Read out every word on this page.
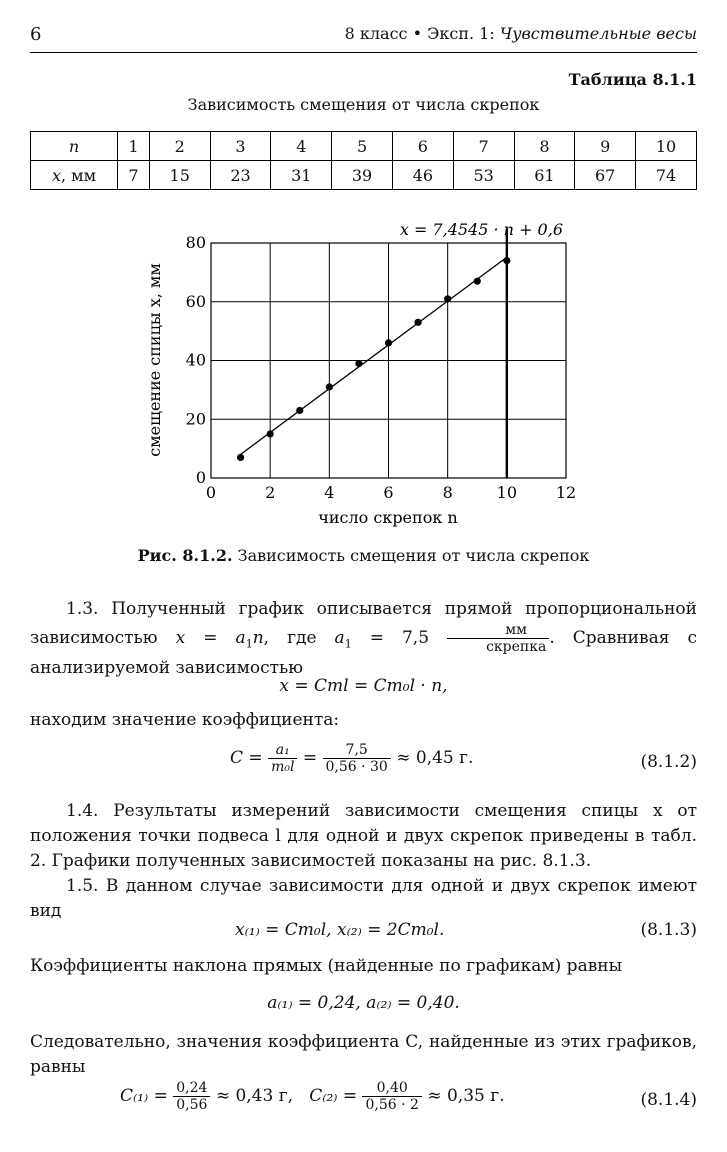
6	8 класс • Эксп. 1: Чувствительные весы
Таблица 8.1.1
Зависимость смещения от числа скрепок
n	1	2	3	4	5	6	7	8	9	10
x, мм	7	15	23	31	39	46	53	61	67	74
0	2	4	6	8	10 12
0
20
40
60
80
x = 7,4545 · n + 0,6
число скрепок n
смещение спицы x, мм
Рис. 8.1.2. Зависимость смещения от числа скрепок
1.3. Полученный график описывается прямой пропорциональной зависимостью $x = a_1n$, где $a_1 = 7,5 \frac{мм}{\text{скрепка}}$ . Сравнивая с анализируемой зависимостью
x = Cml = Cm₀l · n,
находим значение коэффициента:
$C = \frac{\text{a₁}}{\text{m₀l}} = \frac{7,5}{0,56 \cdot 30} \approx 0,45$ г.	(8.1.2)
1.4. Результаты измерений зависимости смещения спицы x от положения точки подвеса l для одной и двух скрепок приведены в табл. 2. Графики полученных зависимостей показаны на рис. 8.1.3.
1.5. В данном случае зависимости для одной и двух скрепок имеют вид
x₍₁₎ = Cm₀l, x₍₂₎ = 2Cm₀l.	(8.1.3)
Коэффициенты наклона прямых (найденные по графикам) равны
a₍₁₎ = 0,24, a₍₂₎ = 0,40.
Следовательно, значения коэффициента C, найденные из этих графиков, равны
$C_{(1)} = \frac{0,24}{0,56} \approx 0,43$ г, $C_{(2)} = \frac{0,40}{0,56 \cdot 2} \approx 0,35$ г.	(8.1.4)
